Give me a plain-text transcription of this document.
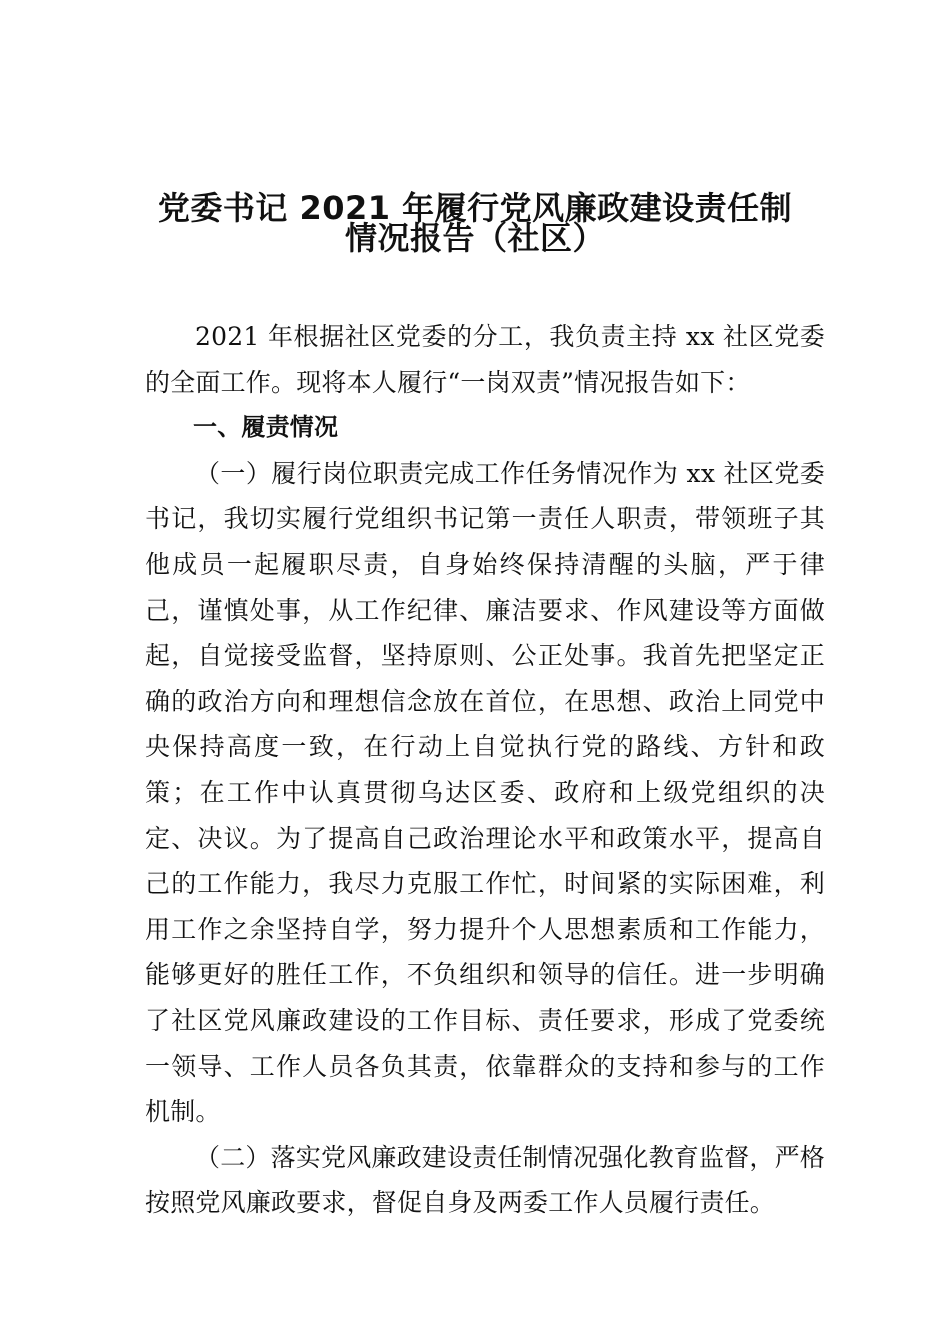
党委书记 2021 年履行党风廉政建设责任制
情况报告（社区）

2021 年根据社区党委的分工，我负责主持 xx 社区党委的全面工作。现将本人履行“一岗双责”情况报告如下：

一、履责情况

（一）履行岗位职责完成工作任务情况作为 xx 社区党委书记，我切实履行党组织书记第一责任人职责，带领班子其他成员一起履职尽责，自身始终保持清醒的头脑，严于律己，谨慎处事，从工作纪律、廉洁要求、作风建设等方面做起，自觉接受监督，坚持原则、公正处事。我首先把坚定正确的政治方向和理想信念放在首位，在思想、政治上同党中央保持高度一致，在行动上自觉执行党的路线、方针和政策；在工作中认真贯彻乌达区委、政府和上级党组织的决定、决议。为了提高自己政治理论水平和政策水平，提高自己的工作能力，我尽力克服工作忙，时间紧的实际困难，利用工作之余坚持自学，努力提升个人思想素质和工作能力，能够更好的胜任工作，不负组织和领导的信任。进一步明确了社区党风廉政建设的工作目标、责任要求，形成了党委统一领导、工作人员各负其责，依靠群众的支持和参与的工作机制。

（二）落实党风廉政建设责任制情况强化教育监督，严格按照党风廉政要求，督促自身及两委工作人员履行责任。
